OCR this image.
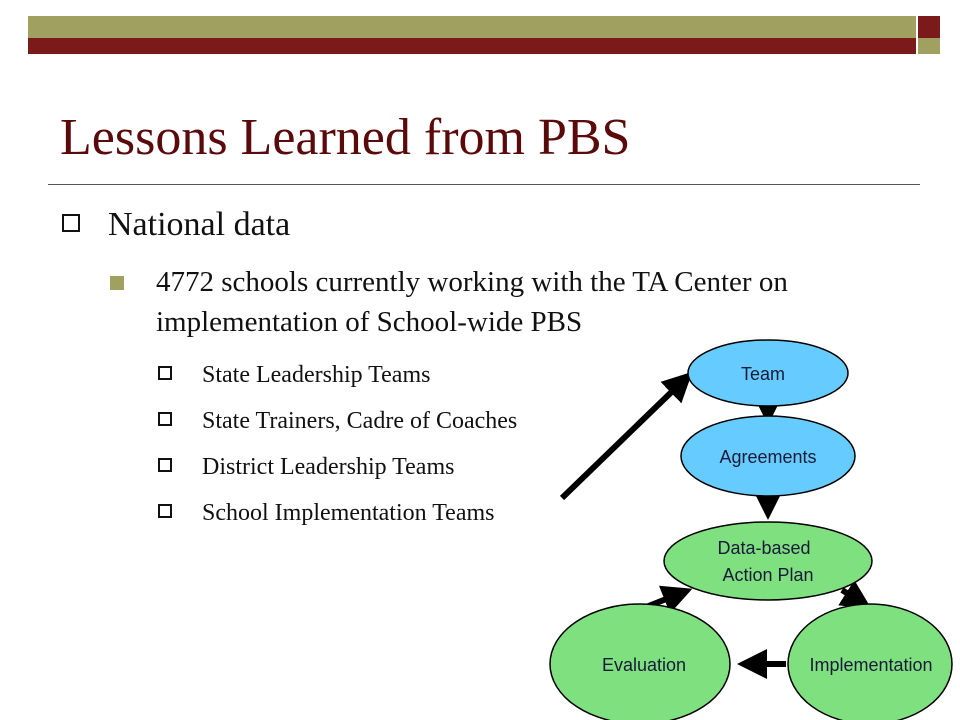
Lessons Learned from PBS
National data
4772 schools currently working with the TA Center on implementation of School-wide PBS
State Leadership Teams
State Trainers, Cadre of Coaches
District Leadership Teams
School Implementation Teams
Team
Agreements
Data-based
Action Plan
Evaluation	Implementation
